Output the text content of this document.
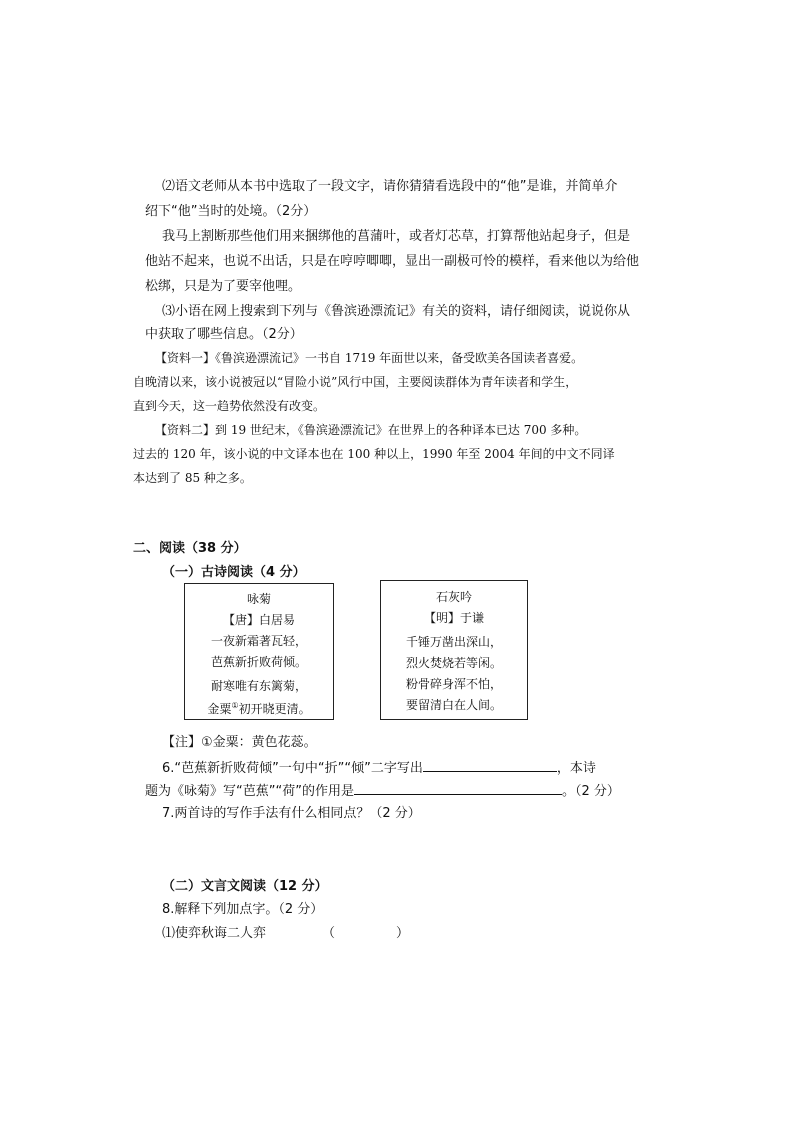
⑵语文老师从本书中选取了一段文字，请你猜猜看选段中的“他”是谁，并简单介
绍下“他”当时的处境。（2分）
我马上割断那些他们用来捆绑他的菖蒲叶，或者灯芯草，打算帮他站起身子，但是
他站不起来，也说不出话，只是在哼哼唧唧，显出一副极可怜的模样，看来他以为给他
松绑，只是为了要宰他哩。
⑶小语在网上搜索到下列与《鲁滨逊漂流记》有关的资料，请仔细阅读，说说你从
中获取了哪些信息。（2分）
【资料一】《鲁滨逊漂流记》一书自 1719 年面世以来，备受欧美各国读者喜爱。
自晚清以来，该小说被冠以“冒险小说”风行中国，主要阅读群体为青年读者和学生，
直到今天，这一趋势依然没有改变。
【资料二】到 19 世纪末，《鲁滨逊漂流记》在世界上的各种译本已达 700 多种。
过去的 120 年，该小说的中文译本也在 100 种以上，1990 年至 2004 年间的中文不同译
本达到了 85 种之多。
二、阅读（38 分）
（一）古诗阅读（4 分）
咏菊
【唐】白居易
一夜新霜著瓦轻，
芭蕉新折败荷倾。
耐寒唯有东篱菊，
金粟①初开晓更清。
石灰吟
【明】于谦
千锤万凿出深山，
烈火焚烧若等闲。
粉骨碎身浑不怕，
要留清白在人间。
【注】①金粟：黄色花蕊。
6.“芭蕉新折败荷倾”一句中“折”“倾”二字写出	，本诗
题为《咏菊》写“芭蕉”“荷”的作用是	。（2 分）
7.两首诗的写作手法有什么相同点？（2 分）
（二）文言文阅读（12 分）
8.解释下列加点字。（2 分）
⑴使弈秋诲二人弈	（	）
